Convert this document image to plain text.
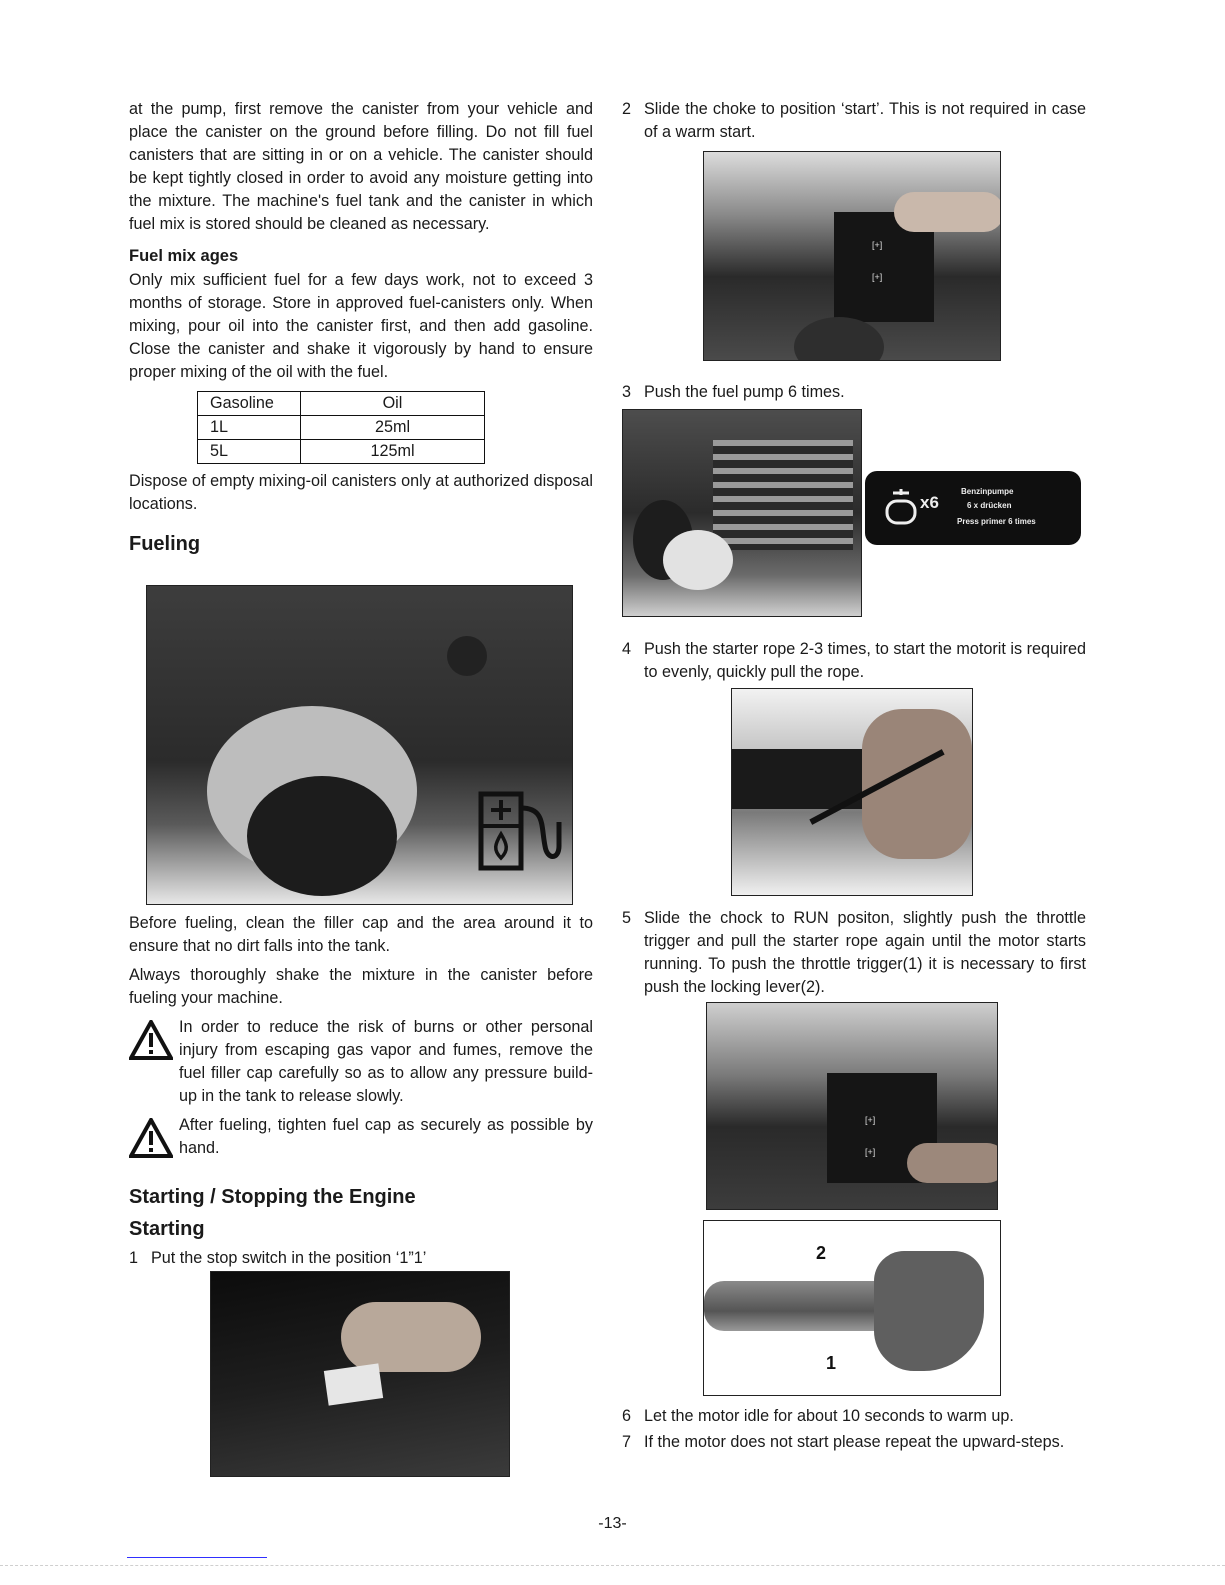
at the pump, first remove the canister from your vehicle and place the canister on the ground before filling. Do not fill fuel canisters that are sitting in or on a vehicle. The canister should be kept tightly closed in order to avoid any moisture getting into the mixture. The machine's fuel tank and the canister in which fuel mix is stored should be cleaned as necessary.

Fuel mix ages

Only mix sufficient fuel for a few days work, not to exceed 3 months of storage. Store in approved fuel-canisters only. When mixing, pour oil into the canister first, and then add gasoline. Close the canister and shake it vigorously by hand to ensure proper mixing of the oil with the fuel.

Gasoline	Oil
1L	25ml
5L	125ml

Dispose of empty mixing-oil canisters only at authorized disposal locations.

Fueling

Before fueling, clean the filler cap and the area around it to ensure that no dirt falls into the tank.

Always thoroughly shake the mixture in the canister before fueling your machine.

In order to reduce the risk of burns or other personal injury from escaping gas vapor and fumes, remove the fuel filler cap carefully so as to allow any pressure build-up in the tank to release slowly.

After fueling, tighten fuel cap as securely as possible by hand.

Starting / Stopping the Engine

Starting

1 Put the stop switch in the position ‘1”1’
2 Slide the choke to position ‘start’. This is not required in case of a warm start.
[+]
[+]
3 Push the fuel pump 6 times.
x6
Benzinpumpe
6 x drücken
Press primer 6 times
4 Push the starter rope 2-3 times, to start the motorit is required to evenly, quickly pull the rope.
5 Slide the chock to RUN positon, slightly push the throttle trigger and pull the starter rope again until the motor starts running. To push the throttle trigger(1) it is necessary to first push the locking lever(2).
[+]
[+]
2
1
6 Let the motor idle for about 10 seconds to warm up.
7 If the motor does not start please repeat the upward-steps.
-13-
